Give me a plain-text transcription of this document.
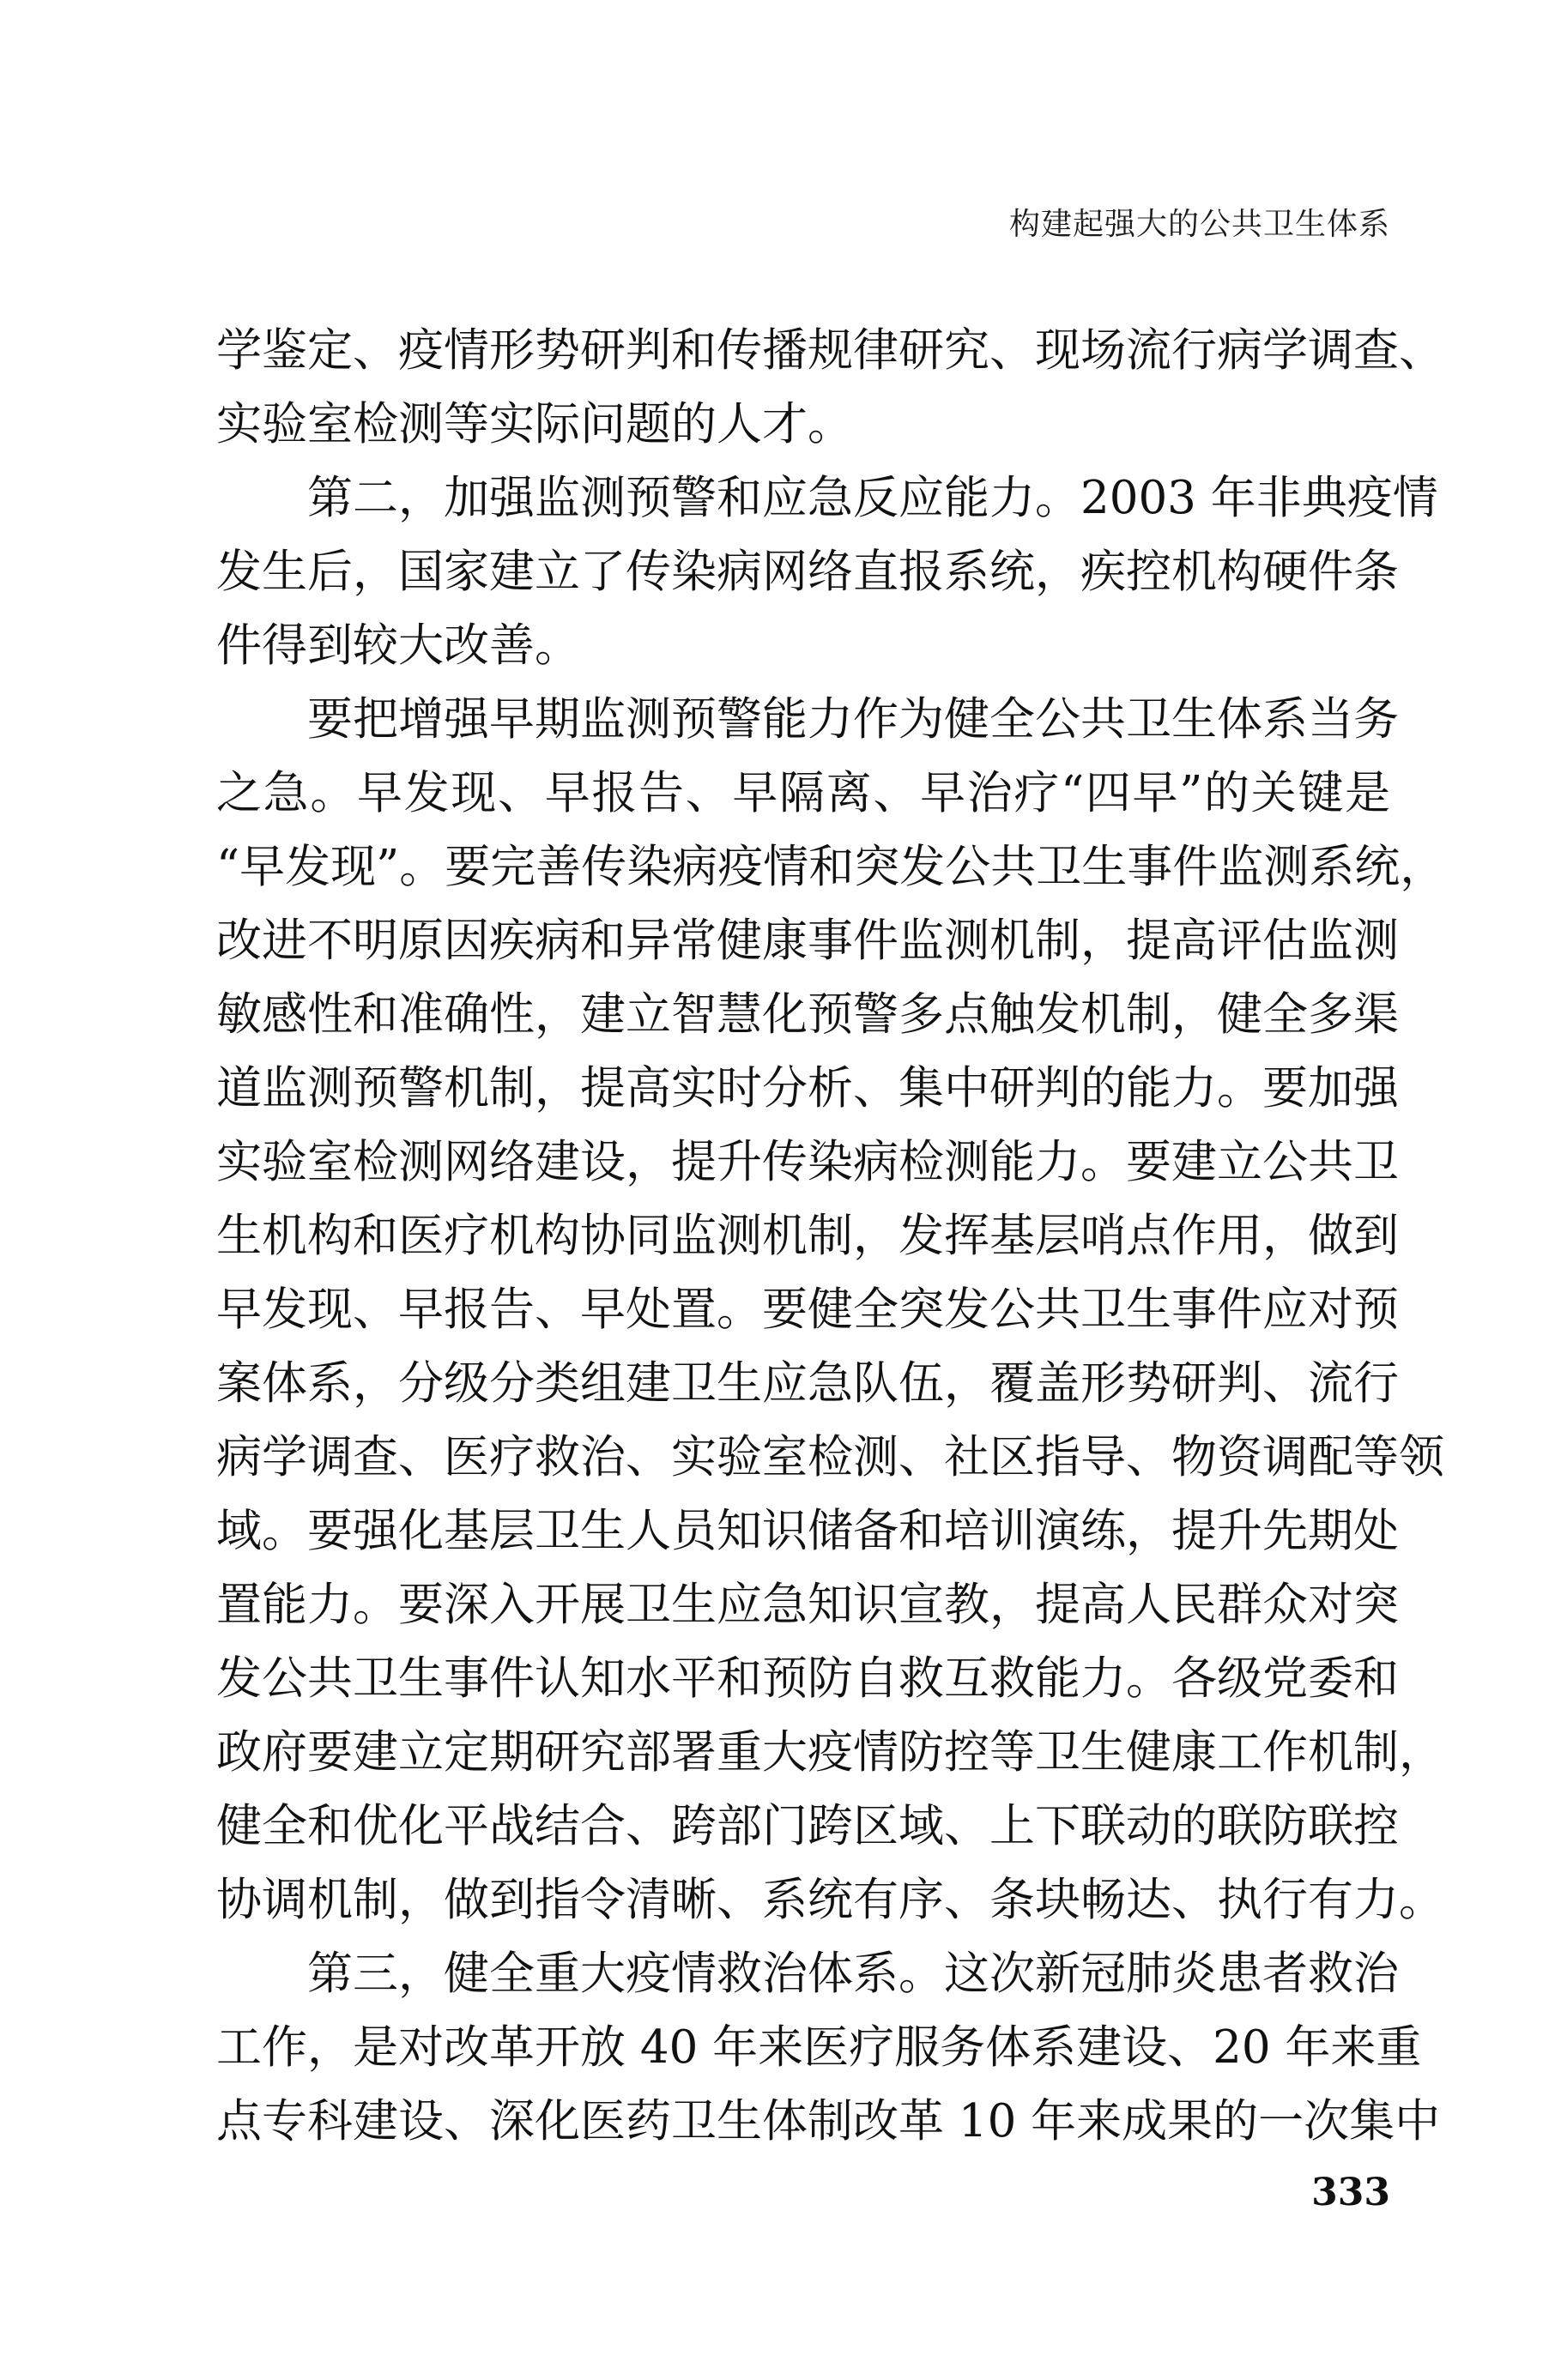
构建起强大的公共卫生体系
学鉴定、疫情形势研判和传播规律研究、现场流行病学调查、
实验室检测等实际问题的人才。
　　第二，加强监测预警和应急反应能力。2003 年非典疫情
发生后，国家建立了传染病网络直报系统，疾控机构硬件条
件得到较大改善。
　　要把增强早期监测预警能力作为健全公共卫生体系当务
之急。早发现、早报告、早隔离、早治疗“四早”的关键是
“早发现”。要完善传染病疫情和突发公共卫生事件监测系统，
改进不明原因疾病和异常健康事件监测机制，提高评估监测
敏感性和准确性，建立智慧化预警多点触发机制，健全多渠
道监测预警机制，提高实时分析、集中研判的能力。要加强
实验室检测网络建设，提升传染病检测能力。要建立公共卫
生机构和医疗机构协同监测机制，发挥基层哨点作用，做到
早发现、早报告、早处置。要健全突发公共卫生事件应对预
案体系，分级分类组建卫生应急队伍，覆盖形势研判、流行
病学调查、医疗救治、实验室检测、社区指导、物资调配等领
域。要强化基层卫生人员知识储备和培训演练，提升先期处
置能力。要深入开展卫生应急知识宣教，提高人民群众对突
发公共卫生事件认知水平和预防自救互救能力。各级党委和
政府要建立定期研究部署重大疫情防控等卫生健康工作机制，
健全和优化平战结合、跨部门跨区域、上下联动的联防联控
协调机制，做到指令清晰、系统有序、条块畅达、执行有力。
　　第三，健全重大疫情救治体系。这次新冠肺炎患者救治
工作，是对改革开放 40 年来医疗服务体系建设、20 年来重
点专科建设、深化医药卫生体制改革 10 年来成果的一次集中
333
